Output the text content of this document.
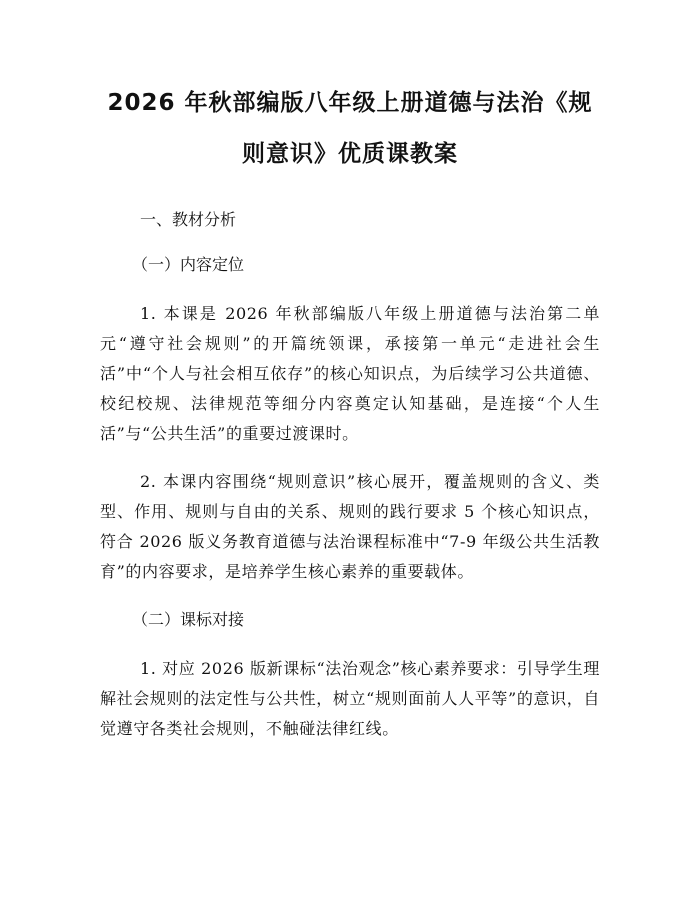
2026 年秋部编版八年级上册道德与法治《规
则意识》优质课教案

一、教材分析

（一）内容定位

1. 本课是 2026 年秋部编版八年级上册道德与法治第二单元“遵守社会规则”的开篇统领课，承接第一单元“走进社会生活”中“个人与社会相互依存”的核心知识点，为后续学习公共道德、校纪校规、法律规范等细分内容奠定认知基础，是连接“个人生活”与“公共生活”的重要过渡课时。

2. 本课内容围绕“规则意识”核心展开，覆盖规则的含义、类型、作用、规则与自由的关系、规则的践行要求 5 个核心知识点，符合 2026 版义务教育道德与法治课程标准中“7-9 年级公共生活教育”的内容要求，是培养学生核心素养的重要载体。

（二）课标对接

1. 对应 2026 版新课标“法治观念”核心素养要求：引导学生理解社会规则的法定性与公共性，树立“规则面前人人平等”的意识，自觉遵守各类社会规则，不触碰法律红线。
